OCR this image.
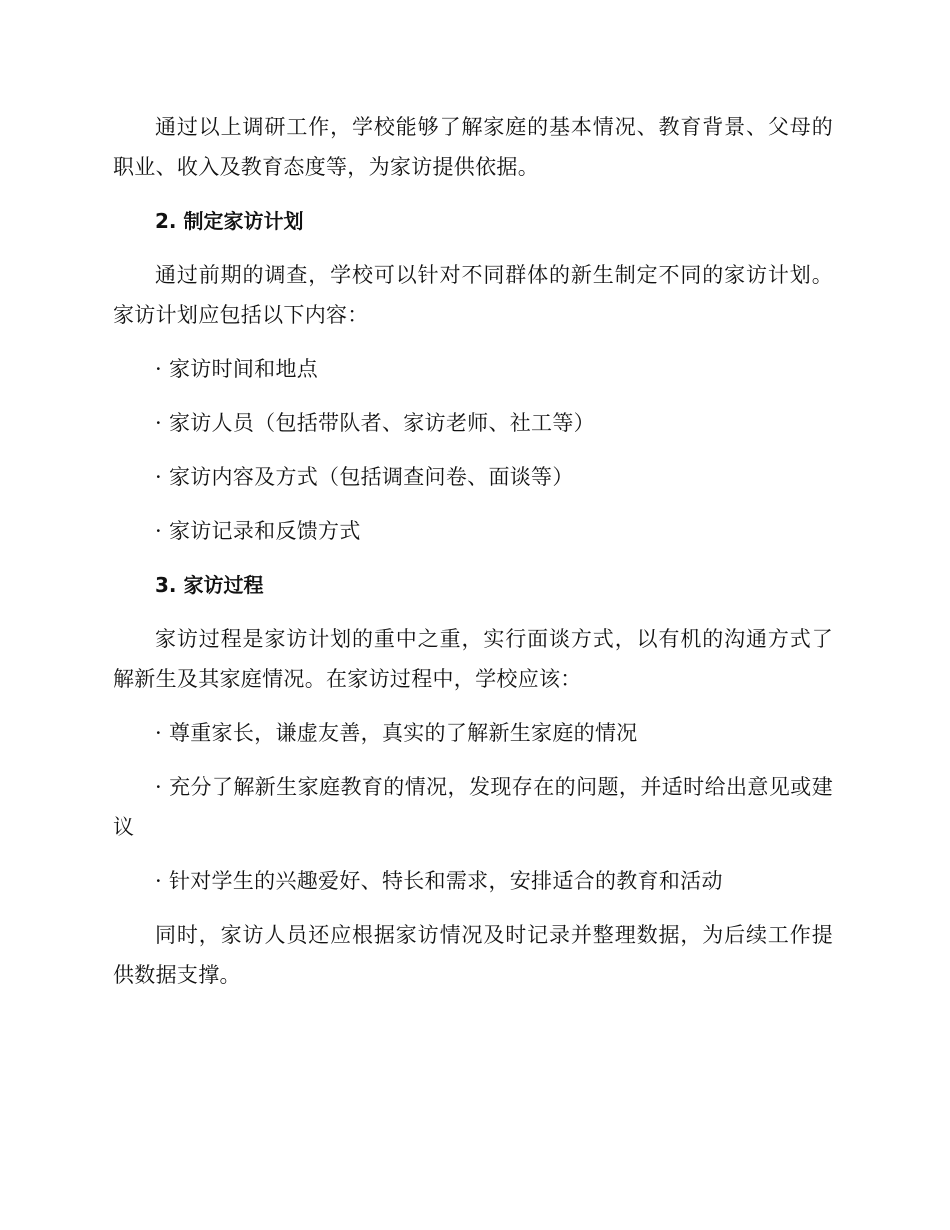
通过以上调研工作，学校能够了解家庭的基本情况、教育背景、父母的职业、收入及教育态度等，为家访提供依据。

2. 制定家访计划

通过前期的调查，学校可以针对不同群体的新生制定不同的家访计划。家访计划应包括以下内容：

· 家访时间和地点

· 家访人员（包括带队者、家访老师、社工等）

· 家访内容及方式（包括调查问卷、面谈等）

· 家访记录和反馈方式

3. 家访过程

家访过程是家访计划的重中之重，实行面谈方式，以有机的沟通方式了解新生及其家庭情况。在家访过程中，学校应该：

· 尊重家长，谦虚友善，真实的了解新生家庭的情况

· 充分了解新生家庭教育的情况，发现存在的问题，并适时给出意见或建议

· 针对学生的兴趣爱好、特长和需求，安排适合的教育和活动

同时，家访人员还应根据家访情况及时记录并整理数据，为后续工作提供数据支撑。
